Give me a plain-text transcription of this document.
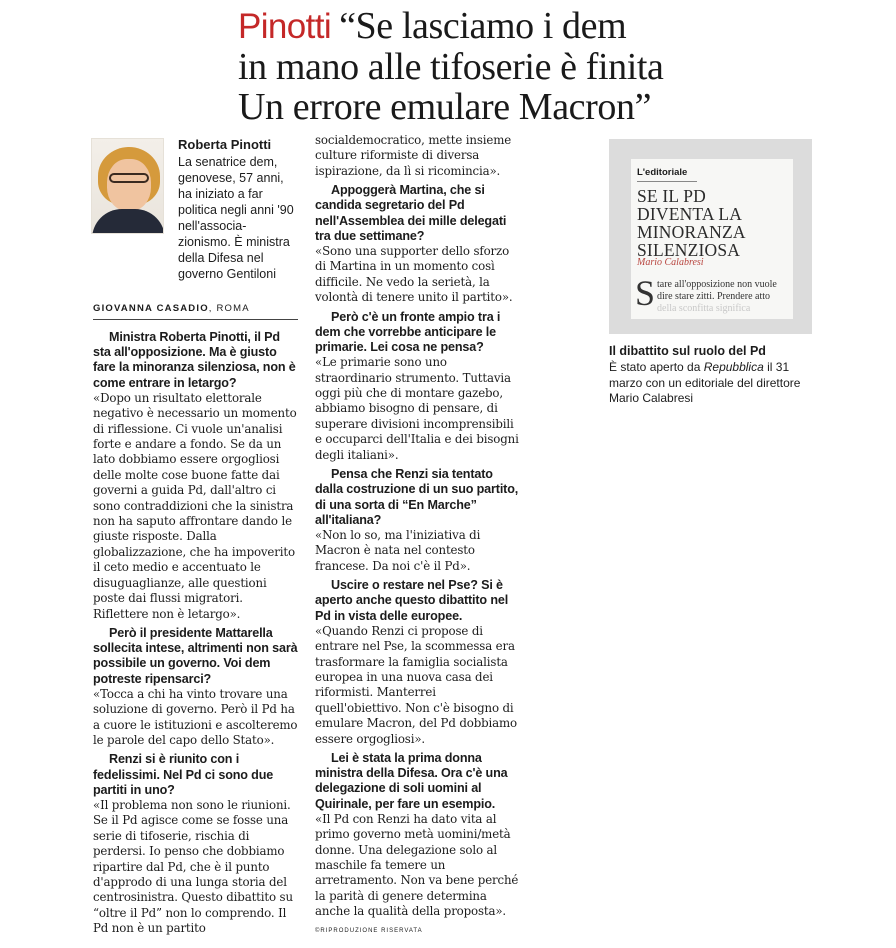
Pinotti “Se lasciamo i dem
in mano alle tifoserie è finita
Un errore emulare Macron”
Roberta Pinotti
La senatrice dem, genovese, 57 anni, ha iniziato a far politica negli anni '90 nell'associa- zionismo. È ministra della Difesa nel governo Gentiloni
GIOVANNA CASADIO, ROMA

Ministra Roberta Pinotti, il Pd sta all'opposizione. Ma è giusto fare la minoranza silenziosa, non è come entrare in letargo?

«Dopo un risultato elettorale negativo è necessario un momento di riflessione. Ci vuole un'analisi forte e andare a fondo. Se da un lato dobbiamo essere orgogliosi delle molte cose buone fatte dai governi a guida Pd, dall'altro ci sono contraddizioni che la sinistra non ha saputo affrontare dando le giuste risposte. Dalla globalizzazione, che ha impoverito il ceto medio e accentuato le disuguaglianze, alle questioni poste dai flussi migratori. Riflettere non è letargo».

Però il presidente Mattarella sollecita intese, altrimenti non sarà possibile un governo. Voi dem potreste ripensarci?

«Tocca a chi ha vinto trovare una soluzione di governo. Però il Pd ha a cuore le istituzioni e ascolteremo le parole del capo dello Stato».

Renzi si è riunito con i fedelissimi. Nel Pd ci sono due partiti in uno?

«Il problema non sono le riunioni. Se il Pd agisce come se fosse una serie di tifoserie, rischia di perdersi. Io penso che dobbiamo ripartire dal Pd, che è il punto d'approdo di una lunga storia del centrosinistra. Questo dibattito su “oltre il Pd” non lo comprendo. Il Pd non è un partito

socialdemocratico, mette insieme culture riformiste di diversa ispirazione, da lì si ricomincia».

Appoggerà Martina, che si candida segretario del Pd nell'Assemblea dei mille delegati tra due settimane?

«Sono una supporter dello sforzo di Martina in un momento così difficile. Ne vedo la serietà, la volontà di tenere unito il partito».

Però c'è un fronte ampio tra i dem che vorrebbe anticipare le primarie. Lei cosa ne pensa?

«Le primarie sono uno straordinario strumento. Tuttavia oggi più che di montare gazebo, abbiamo bisogno di pensare, di superare divisioni incomprensibili e occuparci dell'Italia e dei bisogni degli italiani».

Pensa che Renzi sia tentato dalla costruzione di un suo partito, di una sorta di “En Marche” all'italiana?

«Non lo so, ma l'iniziativa di Macron è nata nel contesto francese. Da noi c'è il Pd».

Uscire o restare nel Pse? Si è aperto anche questo dibattito nel Pd in vista delle europee.

«Quando Renzi ci propose di entrare nel Pse, la scommessa era trasformare la famiglia socialista europea in una nuova casa dei riformisti. Manterrei quell'obiettivo. Non c'è bisogno di emulare Macron, del Pd dobbiamo essere orgogliosi».

Lei è stata la prima donna ministra della Difesa. Ora c'è una delegazione di soli uomini al Quirinale, per fare un esempio.

«Il Pd con Renzi ha dato vita al primo governo metà uomini/metà donne. Una delegazione solo al maschile fa temere un arretramento. Non va bene perché la parità di genere determina anche la qualità della proposta».

©RIPRODUZIONE RISERVATA
L'editoriale
SE IL PD DIVENTA LA MINORANZA SILENZIOSA
Mario Calabresi
S tare all'opposizione non vuole dire stare zitti. Prendere atto della sconfitta significa
Il dibattito sul ruolo del Pd
È stato aperto da Repubblica il 31 marzo con un editoriale del direttore Mario Calabresi
